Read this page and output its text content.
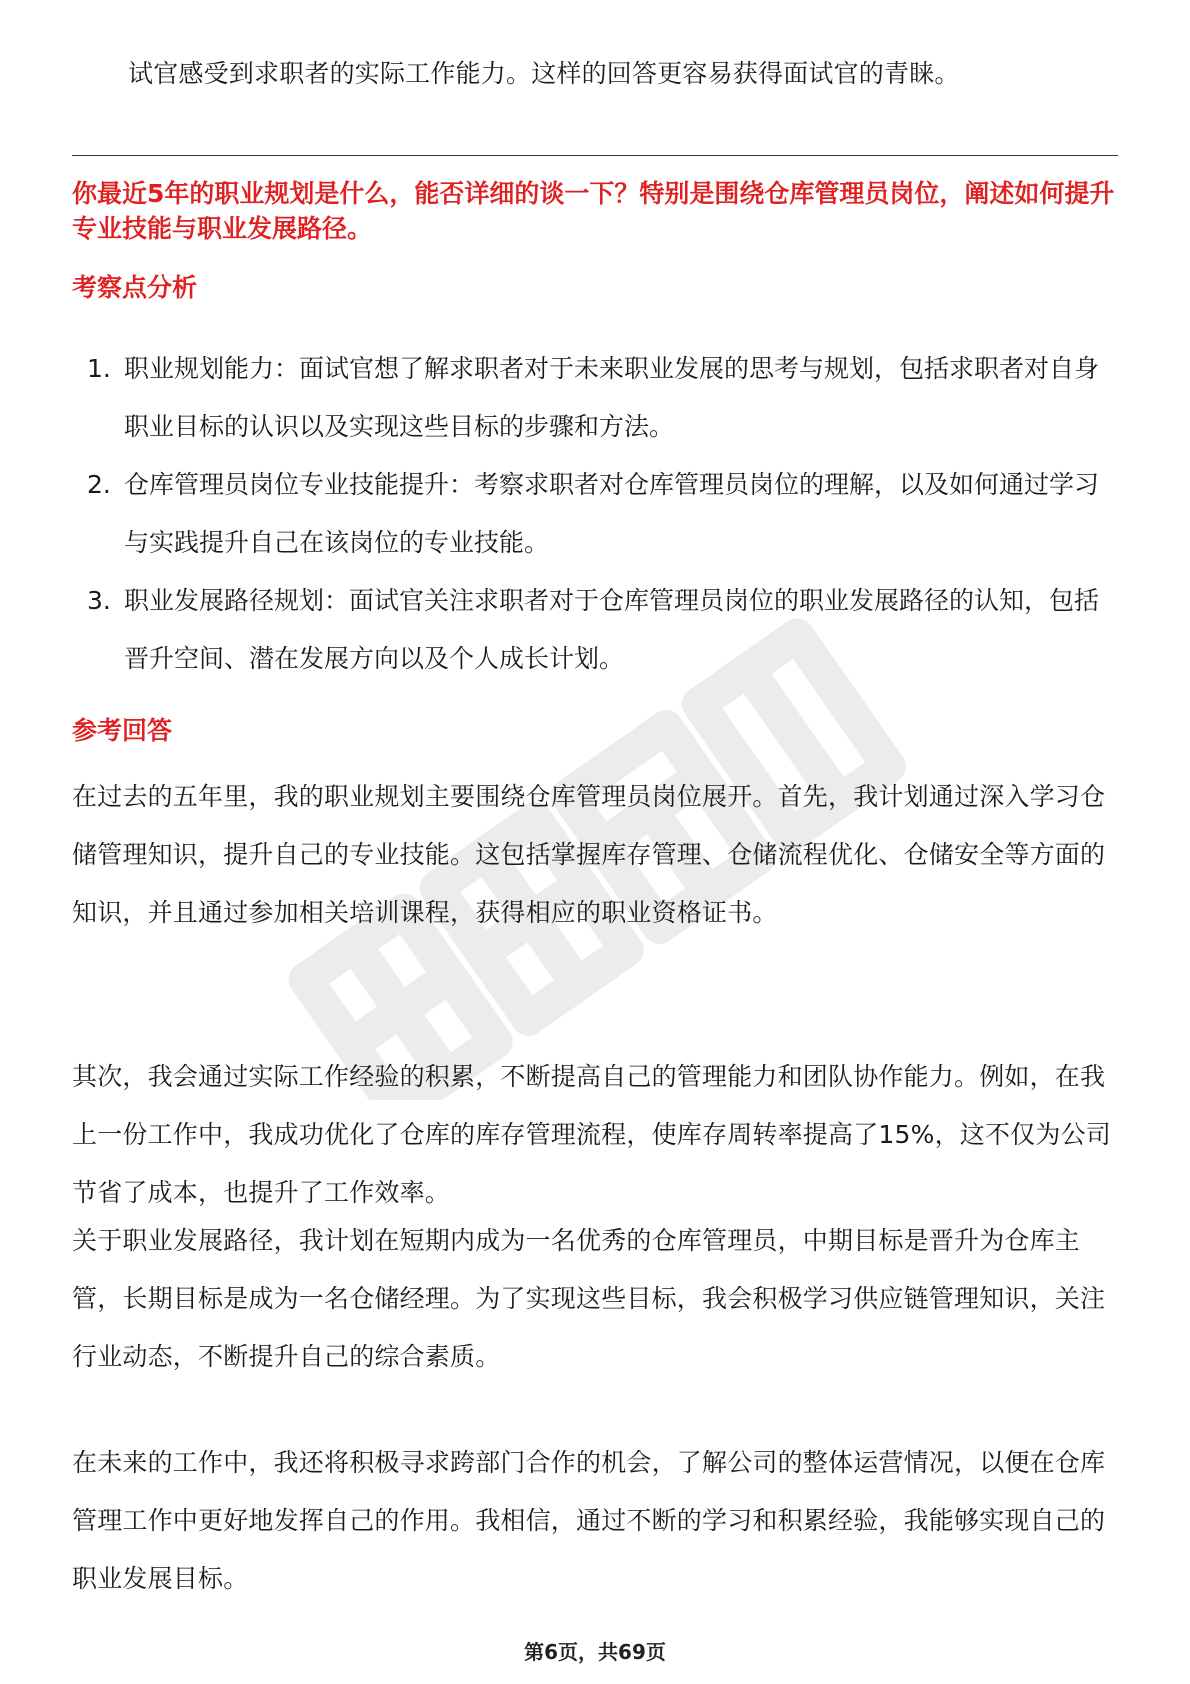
试官感受到求职者的实际工作能力。这样的回答更容易获得面试官的青睐。
你最近5年的职业规划是什么，能否详细的谈一下？特别是围绕仓库管理员岗位，阐述如何提升专业技能与职业发展路径。
考察点分析
1. 职业规划能力：面试官想了解求职者对于未来职业发展的思考与规划，包括求职者对自身职业目标的认识以及实现这些目标的步骤和方法。
2. 仓库管理员岗位专业技能提升：考察求职者对仓库管理员岗位的理解，以及如何通过学习与实践提升自己在该岗位的专业技能。
3. 职业发展路径规划：面试官关注求职者对于仓库管理员岗位的职业发展路径的认知，包括晋升空间、潜在发展方向以及个人成长计划。
参考回答

在过去的五年里，我的职业规划主要围绕仓库管理员岗位展开。首先，我计划通过深入学习仓储管理知识，提升自己的专业技能。这包括掌握库存管理、仓储流程优化、仓储安全等方面的知识，并且通过参加相关培训课程，获得相应的职业资格证书。

其次，我会通过实际工作经验的积累，不断提高自己的管理能力和团队协作能力。例如，在我上一份工作中，我成功优化了仓库的库存管理流程，使库存周转率提高了15%，这不仅为公司节省了成本，也提升了工作效率。

关于职业发展路径，我计划在短期内成为一名优秀的仓库管理员，中期目标是晋升为仓库主管，长期目标是成为一名仓储经理。为了实现这些目标，我会积极学习供应链管理知识，关注行业动态，不断提升自己的综合素质。

在未来的工作中，我还将积极寻求跨部门合作的机会，了解公司的整体运营情况，以便在仓库管理工作中更好地发挥自己的作用。我相信，通过不断的学习和积累经验，我能够实现自己的职业发展目标。

第6页，共69页
